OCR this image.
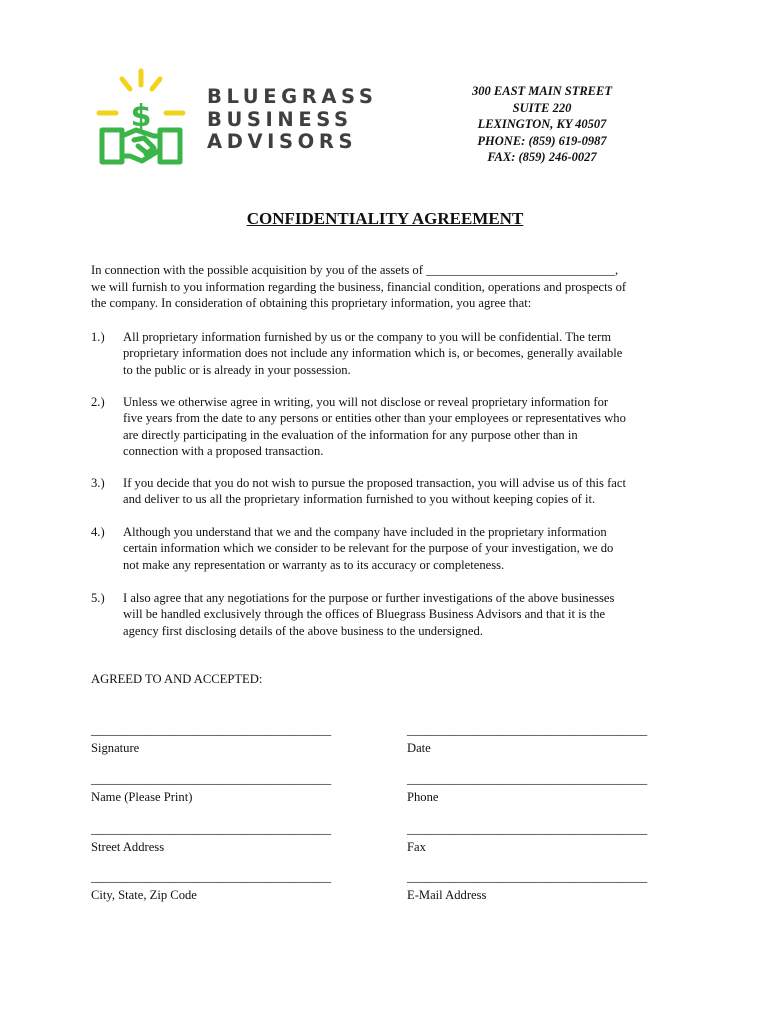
$
BLUEGRASS
BUSINESS
ADVISORS
300 EAST MAIN STREET
SUITE 220
LEXINGTON, KY 40507
PHONE: (859) 619-0987
FAX: (859) 246-0027
CONFIDENTIALITY AGREEMENT
In connection with the possible acquisition by you of the assets of ______________________________,
we will furnish to you information regarding the business, financial condition, operations and prospects of
the company. In consideration of obtaining this proprietary information, you agree that:
1.) All proprietary information furnished by us or the company to you will be confidential. The term
proprietary information does not include any information which is, or becomes, generally available
to the public or is already in your possession.
2.) Unless we otherwise agree in writing, you will not disclose or reveal proprietary information for
five years from the date to any persons or entities other than your employees or representatives who
are directly participating in the evaluation of the information for any purpose other than in
connection with a proposed transaction.
3.) If you decide that you do not wish to pursue the proposed transaction, you will advise us of this fact
and deliver to us all the proprietary information furnished to you without keeping copies of it.
4.) Although you understand that we and the company have included in the proprietary information
certain information which we consider to be relevant for the purpose of your investigation, we do
not make any representation or warranty as to its accuracy or completeness.
5.) I also agree that any negotiations for the purpose or further investigations of the above businesses
will be handled exclusively through the offices of Bluegrass Business Advisors and that it is the
agency first disclosing details of the above business to the undersigned.
AGREED TO AND ACCEPTED:
________________________________________
Signature
________________________________________
Name (Please Print)
________________________________________
Street Address
________________________________________
City, State, Zip Code
________________________________________
Date
________________________________________
Phone
________________________________________
Fax
________________________________________
E-Mail Address
